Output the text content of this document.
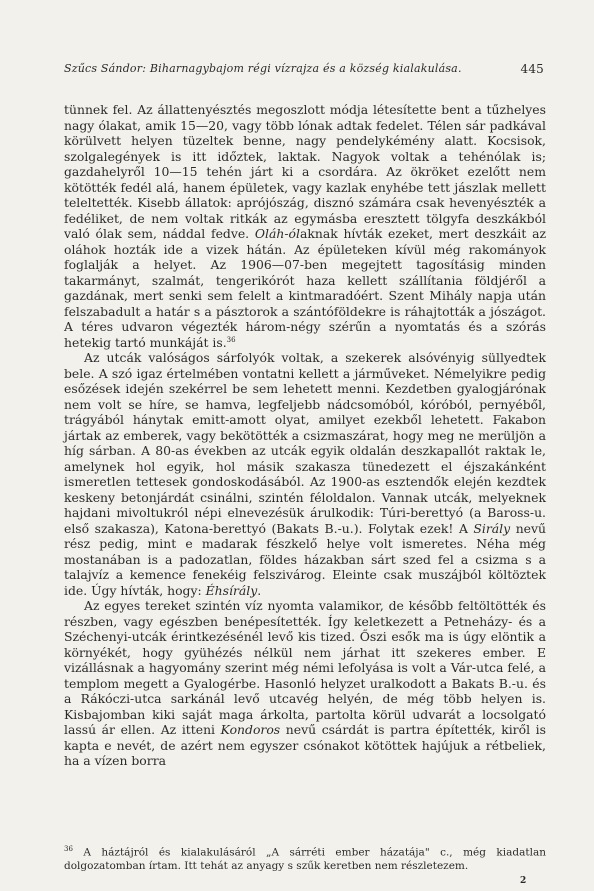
Szűcs Sándor: Biharnagybajom régi vízrajza és a község kialakulása.	445

tünnek fel. Az állattenyésztés megoszlott módja létesítette bent a tűzhelyes nagy ólakat, amik 15—20, vagy több lónak adtak fedelet. Télen sár padkával körülvett helyen tüzeltek benne, nagy pendelykémény alatt. Kocsisok, szolgalegények is itt időztek, laktak. Nagyok voltak a tehénólak is; gazdahelyről 10—15 tehén járt ki a csordára. Az ökröket ezelőtt nem kötötték fedél alá, hanem épületek, vagy kazlak enyhébe tett jászlak mellett teleltették. Kisebb állatok: aprójószág, disznó számára csak hevenyészték a fedéliket, de nem voltak ritkák az egymásba eresztett tölgyfa deszkákból való ólak sem, náddal fedve. Oláh-ólaknak hívták ezeket, mert deszkáit az oláhok hozták ide a vizek hátán. Az épületeken kívül még rakományok foglalják a helyet. Az 1906—07-ben megejtett tagosításig minden takarmányt, szalmát, tengerikórót haza kellett szállítania földjéről a gazdának, mert senki sem felelt a kintmaradóért. Szent Mihály napja után felszabadult a határ s a pásztorok a szántóföldekre is ráhajtották a jószágot. A téres udvaron végezték három-négy szérűn a nyomtatás és a szórás hetekig tartó munkáját is.$^{36}$

Az utcák valóságos sárfolyók voltak, a szekerek alsóvényig süllyedtek bele. A szó igaz értelmében vontatni kellett a járműveket. Némelyikre pedig esőzések idején szekérrel be sem lehetett menni. Kezdetben gyalogjárónak nem volt se híre, se hamva, legfeljebb nádcsomóból, kóróból, pernyéből, trágyából hánytak emitt-amott olyat, amilyet ezekből lehetett. Fakabon jártak az emberek, vagy bekötötték a csizmaszárat, hogy meg ne merüljön a híg sárban. A 80-as években az utcák egyik oldalán deszkapallót raktak le, amelynek hol egyik, hol másik szakasza tünedezett el éjszakánként ismeretlen tettesek gondoskodásából. Az 1900-as esztendők elején kezdtek keskeny betonjárdát csinálni, szintén féloldalon. Vannak utcák, melyeknek hajdani mivoltukról népi elnevezésük árulkodik: Túri-berettyó (a Baross-u. első szakasza), Katona-berettyó (Bakats B.-u.). Folytak ezek! A Sirály nevű rész pedig, mint e madarak fészkelő helye volt ismeretes. Néha még mostanában is a padozatlan, földes házakban sárt szed fel a csizma s a talajvíz a kemence fenekéig felszivárog. Eleinte csak muszájból költöztek ide. Úgy hívták, hogy: Éhsírály.

Az egyes tereket szintén víz nyomta valamikor, de később feltöltötték és részben, vagy egészben benépesítették. Így keletkezett a Petneházy- és a Széchenyi-utcák érintkezésénél levő kis tized. Őszi esők ma is úgy elöntik a környékét, hogy gyühézés nélkül nem járhat itt szekeres ember. E vizállásnak a hagyomány szerint még némi lefolyása is volt a Vár-utca felé, a templom megett a Gyalogérbe. Hasonló helyzet uralkodott a Bakats B.-u. és a Rákóczi-utca sarkánál levő utcavég helyén, de még több helyen is. Kisbajomban kiki saját maga árkolta, partolta körül udvarát a locsolgató lassú ár ellen. Az itteni Kondoros nevű csárdát is partra építették, kiről is kapta e nevét, de azért nem egyszer csónakot kötöttek hajújuk a rétbeliek, ha a vízen borra

$^{36}$ A háztájról és kialakulásáról „A sárréti ember házatája" c., még kiadatlan dolgozatomban írtam. Itt tehát az anyagy s szűk keretben nem részletezem.
2
